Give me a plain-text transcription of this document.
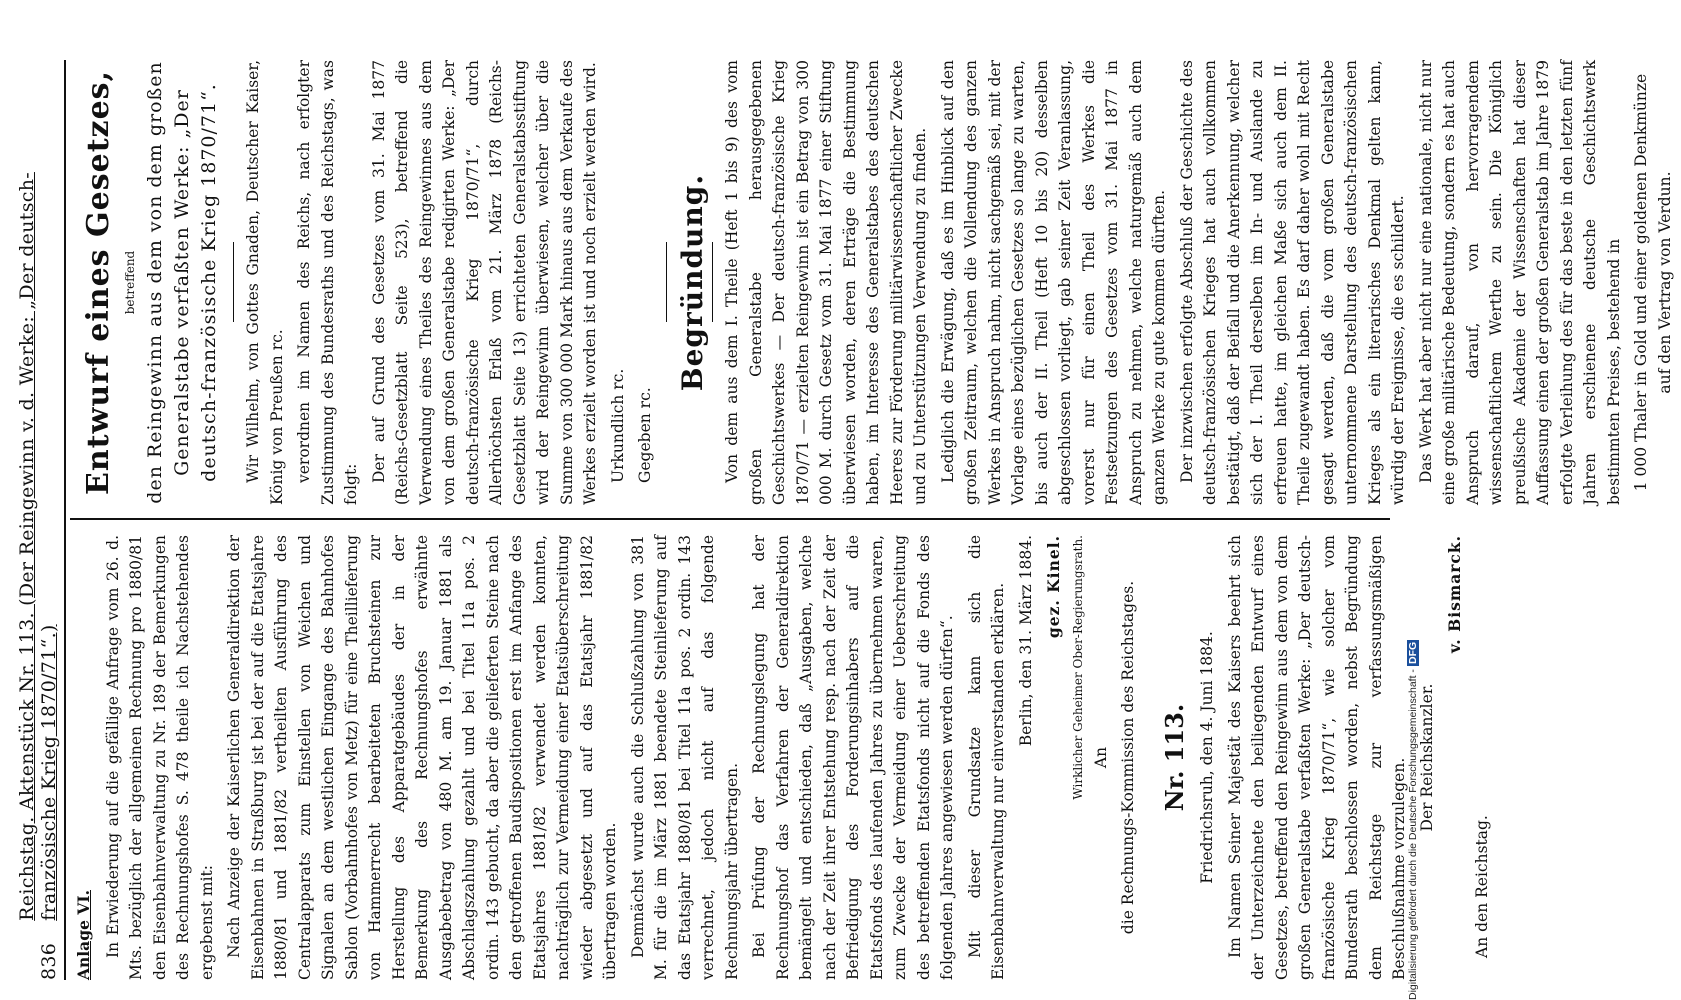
836
Reichstag. Aktenstück Nr. 113. (Der Reingewinn v. d. Werke: „Der deutsch-französische Krieg 1870/71“.)
Anlage VI. In Erwiederung auf die gefällige Anfrage vom 26. d. Mts. bezüglich der allgemeinen Rechnung pro 1880/81 den Eisenbahnverwaltung zu Nr. 189 der Bemerkungen des Rechnungshofes S. 478 theile ich Nachstehendes ergebenst mit: Nach Anzeige der Kaiserlichen Generaldirektion der Eisenbahnen in Straßburg ist bei der auf die Etatsjahre 1880/81 und 1881/82 vertheilten Ausführung des Centralapparats zum Einstellen von Weichen und Signalen an dem westlichen Eingange des Bahnhofes Sablon (Vorbahnhofes von Metz) für eine Theillieferung von Hammerrecht bearbeiteten Bruchsteinen zur Herstellung des Apparatgebäudes der in der Bemerkung des Rechnungshofes erwähnte Ausgabebetrag von 480 M. am 19. Januar 1881 als Abschlagszahlung gezahlt und bei Titel 11a pos. 2 ordin. 143 gebucht, da aber die gelieferten Steine nach den getroffenen Baudispositionen erst im Anfange des Etatsjahres 1881/82 verwendet werden konnten, nachträglich zur Vermeidung einer Etatsüberschreitung wieder abgesetzt und auf das Etatsjahr 1881/82 übertragen worden. Demnächst wurde auch die Schlußzahlung von 381 M. für die im März 1881 beendete Steinlieferung auf das Etatsjahr 1880/81 bei Titel 11a pos. 2 ordin. 143 verrechnet, jedoch nicht auf das folgende Rechnungsjahr übertragen. Bei Prüfung der Rechnungslegung hat der Rechnungshof das Verfahren der Generaldirektion bemängelt und entschieden, daß „Ausgaben, welche nach der Zeit ihrer Entstehung resp. nach der Zeit der Befriedigung des Forderungsinhabers auf die Etatsfonds des laufenden Jahres zu übernehmen waren, zum Zwecke der Vermeidung einer Ueberschreitung des betreffenden Etatsfonds nicht auf die Fonds des folgenden Jahres angewiesen werden dürfen“. Mit dieser Grundsatze kann sich die Eisenbahnverwaltung nur einverstanden erklären. Berlin, den 31. März 1884. gez. Kinel. Wirklicher Geheimer Ober-Regierungsrath. An die Rechnungs-Kommission des Reichstages. Nr. 113. Friedrichsruh, den 4. Juni 1884. Im Namen Seiner Majestät des Kaisers beehrt sich der Unterzeichnete den beiliegenden Entwurf eines Gesetzes, betreffend den Reingewinn aus dem von dem großen Generalstabe verfaßten Werke: „Der deutsch-französische Krieg 1870/71“, wie solcher vom Bundesrath beschlossen worden, nebst Begründung dem Reichstage zur verfassungsmäßigen Beschlußnahme vorzulegen.

Der Reichskanzler.

v. Bismarck.

An den Reichstag.

Entwurf eines Gesetzes, betreffend den Reingewinn aus dem von dem großen Generalstabe verfaßten Werke: „Der deutsch-französische Krieg 1870/71“. Wir Wilhelm, von Gottes Gnaden, Deutscher Kaiser, König von Preußen rc. verordnen im Namen des Reichs, nach erfolgter Zustimmung des Bundesraths und des Reichstags, was folgt:

Der auf Grund des Gesetzes vom 31. Mai 1877 (Reichs-Gesetzblatt Seite 523), betreffend die Verwendung eines Theiles des Reingewinnes aus dem von dem großen Generalstabe redigirten Werke: „Der deutsch-französische Krieg 1870/71“, durch Allerhöchsten Erlaß vom 21. März 1878 (Reichs-Gesetzblatt Seite 13) errichteten Generalstabsstiftung wird der Reingewinn überwiesen, welcher über die Summe von 300 000 Mark hinaus aus dem Verkaufe des Werkes erzielt worden ist und noch erzielt werden wird. Urkundlich rc. Gegeben rc.

Begründung. Von dem aus dem I. Theile (Heft 1 bis 9) des vom großen Generalstabe herausgegebenen Geschichtswerkes — Der deutsch-französische Krieg 1870/71 — erzielten Reingewinn ist ein Betrag von 300 000 M. durch Gesetz vom 31. Mai 1877 einer Stiftung überwiesen worden, deren Erträge die Bestimmung haben, im Interesse des Generalstabes des deutschen Heeres zur Förderung militärwissenschaftlicher Zwecke und zu Unterstützungen Verwendung zu finden. Lediglich die Erwägung, daß es im Hinblick auf den großen Zeitraum, welchen die Vollendung des ganzen Werkes in Anspruch nahm, nicht sachgemäß sei, mit der Vorlage eines bezüglichen Gesetzes so lange zu warten, bis auch der II. Theil (Heft 10 bis 20) desselben abgeschlossen vorliegt, gab seiner Zeit Veranlassung, vorerst nur für einen Theil des Werkes die Festsetzungen des Gesetzes vom 31. Mai 1877 in Anspruch zu nehmen, welche naturgemäß auch dem ganzen Werke zu gute kommen dürften. Der inzwischen erfolgte Abschluß der Geschichte des deutsch-französischen Krieges hat auch vollkommen bestätigt, daß der Beifall und die Anerkennung, welcher sich der I. Theil derselben im In- und Auslande zu erfreuen hatte, im gleichen Maße sich auch dem II. Theile zugewandt haben. Es darf daher wohl mit Recht gesagt werden, daß die vom großen Generalstabe unternommene Darstellung des deutsch-französischen Krieges als ein literarisches Denkmal gelten kann, würdig der Ereignisse, die es schildert. Das Werk hat aber nicht nur eine nationale, nicht nur eine große militärische Bedeutung, sondern es hat auch Anspruch darauf, von hervorragendem wissenschaftlichem Werthe zu sein. Die Königlich preußische Akademie der Wissenschaften hat dieser Auffassung einen der großen Generalstab im Jahre 1879 erfolgte Verleihung des für das beste in den letzten fünf Jahren erschienene deutsche Geschichtswerk bestimmten Preises, bestehend in 1 000 Thaler in Gold und einer goldenen Denkmünze auf den Vertrag von Verdun.

Digitalisierung gefördert durch die Deutsche Forschungsgemeinschaft - DFG
